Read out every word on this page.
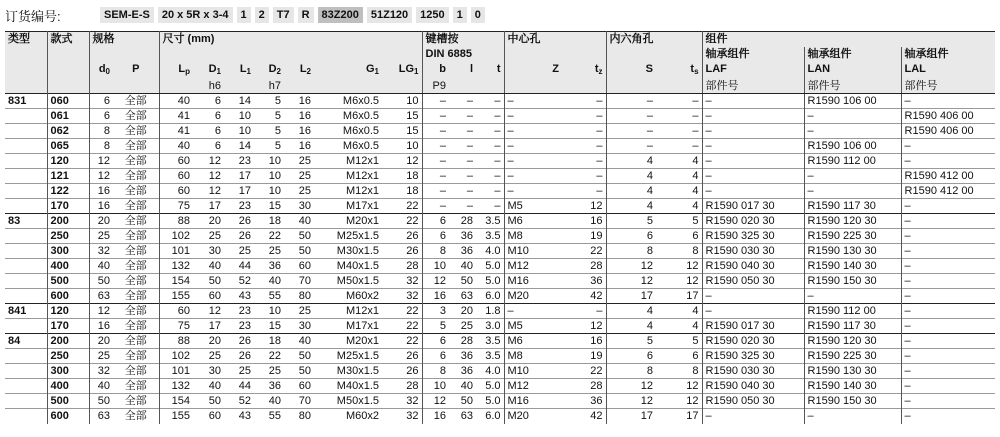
订货编号:	SEM-E-S	20 x 5R x 3-4	1	2	T7	R	83Z200	51Z120	1250	1	0
类型	款式	规格		尺寸 (mm)							键槽按			中心孔		内六角孔		组件		
											DIN 6885							轴承组件	轴承组件	轴承组件
		$d_0$	P	$L_p$	$D_1$	$L_1$	$D_2$	$L_2$	$G_1$	$LG_1$	b	l	t	Z	$t_z$	S	$t_s$	LAF	LAN	LAL
					h6		h7				P9							部件号	部件号	部件号
831	060	6	全部	40	6	14	5	16	M6x0.5	10	–	–	–	–	–	–	–	–	R1590 106 00	–
	061	6	全部	41	6	10	5	16	M6x0.5	15	–	–	–	–	–	–	–	–	–	R1590 406 00
	062	8	全部	41	6	10	5	16	M6x0.5	15	–	–	–	–	–	–	–	–	–	R1590 406 00
	065	8	全部	40	6	14	5	16	M6x0.5	10	–	–	–	–	–	–	–	–	R1590 106 00	–
	120	12	全部	60	12	23	10	25	M12x1	12	–	–	–	–	–	4	4	–	R1590 112 00	–
	121	12	全部	60	12	17	10	25	M12x1	18	–	–	–	–	–	4	4	–	–	R1590 412 00
	122	16	全部	60	12	17	10	25	M12x1	18	–	–	–	–	–	4	4	–	–	R1590 412 00
	170	16	全部	75	17	23	15	30	M17x1	22	–	–	–	M5	12	4	4	R1590 017 30	R1590 117 30	–
83	200	20	全部	88	20	26	18	40	M20x1	22	6	28	3.5	M6	16	5	5	R1590 020 30	R1590 120 30	–
	250	25	全部	102	25	26	22	50	M25x1.5	26	6	36	3.5	M8	19	6	6	R1590 325 30	R1590 225 30	–
	300	32	全部	101	30	25	25	50	M30x1.5	26	8	36	4.0	M10	22	8	8	R1590 030 30	R1590 130 30	–
	400	40	全部	132	40	44	36	60	M40x1.5	28	10	40	5.0	M12	28	12	12	R1590 040 30	R1590 140 30	–
	500	50	全部	154	50	52	40	70	M50x1.5	32	12	50	5.0	M16	36	12	12	R1590 050 30	R1590 150 30	–
	600	63	全部	155	60	43	55	80	M60x2	32	16	63	6.0	M20	42	17	17	–	–	–
841	120	12	全部	60	12	23	10	25	M12x1	22	3	20	1.8	–	–	4	4	–	R1590 112 00	–
	170	16	全部	75	17	23	15	30	M17x1	22	5	25	3.0	M5	12	4	4	R1590 017 30	R1590 117 30	–
84	200	20	全部	88	20	26	18	40	M20x1	22	6	28	3.5	M6	16	5	5	R1590 020 30	R1590 120 30	–
	250	25	全部	102	25	26	22	50	M25x1.5	26	6	36	3.5	M8	19	6	6	R1590 325 30	R1590 225 30	–
	300	32	全部	101	30	25	25	50	M30x1.5	26	8	36	4.0	M10	22	8	8	R1590 030 30	R1590 130 30	–
	400	40	全部	132	40	44	36	60	M40x1.5	28	10	40	5.0	M12	28	12	12	R1590 040 30	R1590 140 30	–
	500	50	全部	154	50	52	40	70	M50x1.5	32	12	50	5.0	M16	36	12	12	R1590 050 30	R1590 150 30	–
	600	63	全部	155	60	43	55	80	M60x2	32	16	63	6.0	M20	42	17	17	–	–	–
